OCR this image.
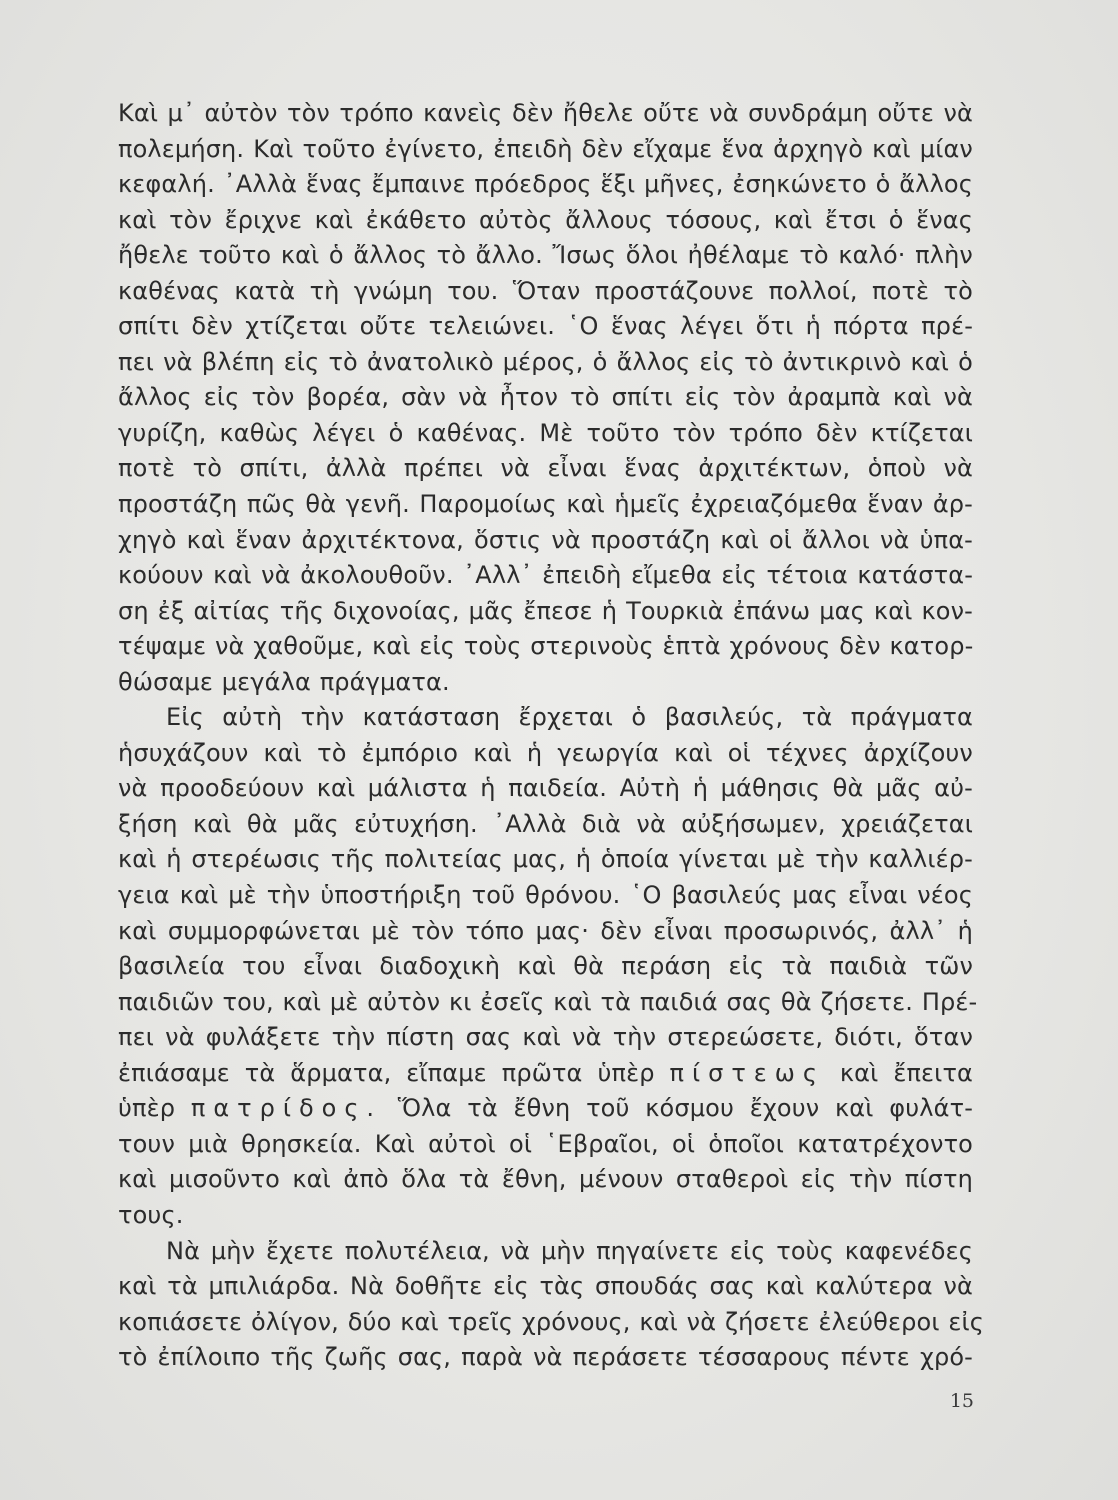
Καὶ μ᾽ αὐτὸν τὸν τρόπο κανεὶς δὲν ἤθελε οὔτε νὰ συνδράμη οὔτε νὰ
πολεμήση. Καὶ τοῦτο ἐγίνετο, ἐπειδὴ δὲν εἴχαμε ἕνα ἀρχηγὸ καὶ μίαν
κεφαλή. ᾽Αλλὰ ἕνας ἔμπαινε πρόεδρος ἕξι μῆνες, ἐσηκώνετο ὁ ἄλλος
καὶ τὸν ἔριχνε καὶ ἐκάθετο αὐτὸς ἄλλους τόσους, καὶ ἔτσι ὁ ἕνας
ἤθελε τοῦτο καὶ ὁ ἄλλος τὸ ἄλλο. Ἴσως ὅλοι ἠθέλαμε τὸ καλό· πλὴν
καθένας κατὰ τὴ γνώμη του. Ὅταν προστάζουνε πολλοί, ποτὲ τὸ
σπίτι δὲν χτίζεται οὔτε τελειώνει. ῾Ο ἕνας λέγει ὅτι ἡ πόρτα πρέ-
πει νὰ βλέπη εἰς τὸ ἀνατολικὸ μέρος, ὁ ἄλλος εἰς τὸ ἀντικρινὸ καὶ ὁ
ἄλλος εἰς τὸν βορέα, σὰν νὰ ἦτον τὸ σπίτι εἰς τὸν ἀραμπὰ καὶ νὰ
γυρίζη, καθὼς λέγει ὁ καθένας. Μὲ τοῦτο τὸν τρόπο δὲν κτίζεται
ποτὲ τὸ σπίτι, ἀλλὰ πρέπει νὰ εἶναι ἕνας ἀρχιτέκτων, ὁποὺ νὰ
προστάζη πῶς θὰ γενῆ. Παρομοίως καὶ ἡμεῖς ἐχρειαζόμεθα ἕναν ἀρ-
χηγὸ καὶ ἕναν ἀρχιτέκτονα, ὅστις νὰ προστάζη καὶ οἱ ἄλλοι νὰ ὑπα-
κούουν καὶ νὰ ἀκολουθοῦν. ᾽Αλλ᾽ ἐπειδὴ εἴμεθα εἰς τέτοια κατάστα-
ση ἐξ αἰτίας τῆς διχονοίας, μᾶς ἔπεσε ἡ Τουρκιὰ ἐπάνω μας καὶ κον-
τέψαμε νὰ χαθοῦμε, καὶ εἰς τοὺς στερινοὺς ἑπτὰ χρόνους δὲν κατορ-
θώσαμε μεγάλα πράγματα.
Εἰς αὐτὴ τὴν κατάσταση ἔρχεται ὁ βασιλεύς, τὰ πράγματα
ἡσυχάζουν καὶ τὸ ἐμπόριο καὶ ἡ γεωργία καὶ οἱ τέχνες ἀρχίζουν
νὰ προοδεύουν καὶ μάλιστα ἡ παιδεία. Αὐτὴ ἡ μάθησις θὰ μᾶς αὐ-
ξήση καὶ θὰ μᾶς εὐτυχήση. ᾽Αλλὰ διὰ νὰ αὐξήσωμεν, χρειάζεται
καὶ ἡ στερέωσις τῆς πολιτείας μας, ἡ ὁποία γίνεται μὲ τὴν καλλιέρ-
γεια καὶ μὲ τὴν ὑποστήριξη τοῦ θρόνου. ῾Ο βασιλεύς μας εἶναι νέος
καὶ συμμορφώνεται μὲ τὸν τόπο μας· δὲν εἶναι προσωρινός, ἀλλ᾽ ἡ
βασιλεία του εἶναι διαδοχικὴ καὶ θὰ περάση εἰς τὰ παιδιὰ τῶν
παιδιῶν του, καὶ μὲ αὐτὸν κι ἐσεῖς καὶ τὰ παιδιά σας θὰ ζήσετε. Πρέ-
πει νὰ φυλάξετε τὴν πίστη σας καὶ νὰ τὴν στερεώσετε, διότι, ὅταν
ἐπιάσαμε τὰ ἅρματα, εἴπαμε πρῶτα ὑπὲρ πίστεως καὶ ἔπειτα
ὑπὲρ πατρίδος. Ὅλα τὰ ἔθνη τοῦ κόσμου ἔχουν καὶ φυλάτ-
τουν μιὰ θρησκεία. Καὶ αὐτοὶ οἱ ῾Εβραῖοι, οἱ ὁποῖοι κατατρέχοντο
καὶ μισοῦντο καὶ ἀπὸ ὅλα τὰ ἔθνη, μένουν σταθεροὶ εἰς τὴν πίστη
τους.
Νὰ μὴν ἔχετε πολυτέλεια, νὰ μὴν πηγαίνετε εἰς τοὺς καφενέδες
καὶ τὰ μπιλιάρδα. Νὰ δοθῆτε εἰς τὰς σπουδάς σας καὶ καλύτερα νὰ
κοπιάσετε ὀλίγον, δύο καὶ τρεῖς χρόνους, καὶ νὰ ζήσετε ἐλεύθεροι εἰς
τὸ ἐπίλοιπο τῆς ζωῆς σας, παρὰ νὰ περάσετε τέσσαρους πέντε χρό-
15
